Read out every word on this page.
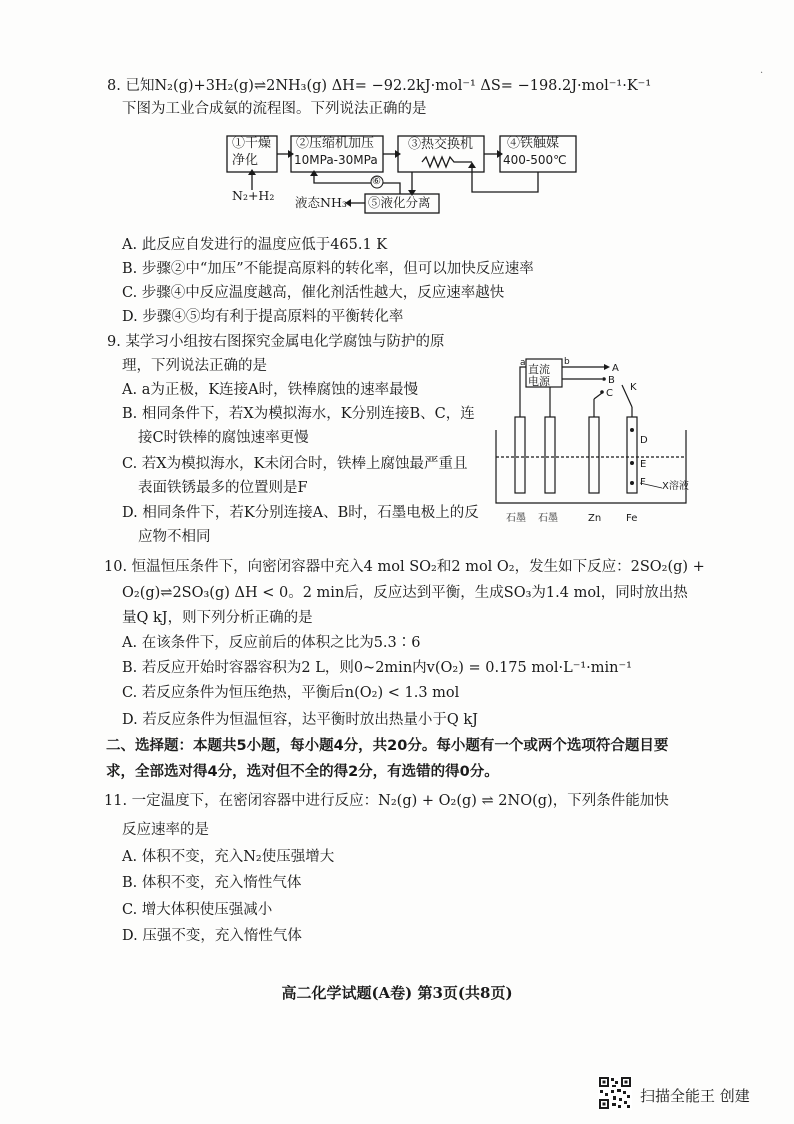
·
8. 已知N₂(g)+3H₂(g)⇌2NH₃(g) ΔH= −92.2kJ·mol⁻¹ ΔS= −198.2J·mol⁻¹·K⁻¹
下图为工业合成氨的流程图。下列说法正确的是
①干燥
净化
②压缩机加压
10MPa-30MPa
③热交换机	④铁触媒
400-500℃
⑤液化分离
⑥
N₂+H₂ 液态NH₃
A. 此反应自发进行的温度应低于465.1 K
B. 步骤②中“加压”不能提高原料的转化率，但可以加快反应速率
C. 步骤④中反应温度越高，催化剂活性越大，反应速率越快
D. 步骤④⑤均有利于提高原料的平衡转化率
9. 某学习小组按右图探究金属电化学腐蚀与防护的原
理，下列说法正确的是
A. a为正极，K连接A时，铁棒腐蚀的速率最慢
B. 相同条件下，若X为模拟海水，K分别连接B、C，连
接C时铁棒的腐蚀速率更慢
C. 若X为模拟海水，K未闭合时，铁棒上腐蚀最严重且
表面铁锈最多的位置则是F
D. 相同条件下，若K分别连接A、B时，石墨电极上的反
应物不相同
直流
电源
a	b
A
B
C
K
D
E
F X溶液
石墨 石墨	Zn Fe
10. 恒温恒压条件下，向密闭容器中充入4 mol SO₂和2 mol O₂，发生如下反应：2SO₂(g) +
O₂(g)⇌2SO₃(g) ΔH < 0。2 min后，反应达到平衡，生成SO₃为1.4 mol，同时放出热
量Q kJ，则下列分析正确的是
A. 在该条件下，反应前后的体积之比为5.3∶6
B. 若反应开始时容器容积为2 L，则0~2min内v(O₂) = 0.175 mol·L⁻¹·min⁻¹
C. 若反应条件为恒压绝热，平衡后n(O₂) < 1.3 mol
D. 若反应条件为恒温恒容，达平衡时放出热量小于Q kJ
二、选择题：本题共5小题，每小题4分，共20分。每小题有一个或两个选项符合题目要
求，全部选对得4分，选对但不全的得2分，有选错的得0分。
11. 一定温度下，在密闭容器中进行反应：N₂(g) + O₂(g) ⇌ 2NO(g)，下列条件能加快
反应速率的是
A. 体积不变，充入N₂使压强增大
B. 体积不变，充入惰性气体
C. 增大体积使压强减小
D. 压强不变，充入惰性气体
高二化学试题(A卷) 第3页(共8页)
扫描全能王 创建
